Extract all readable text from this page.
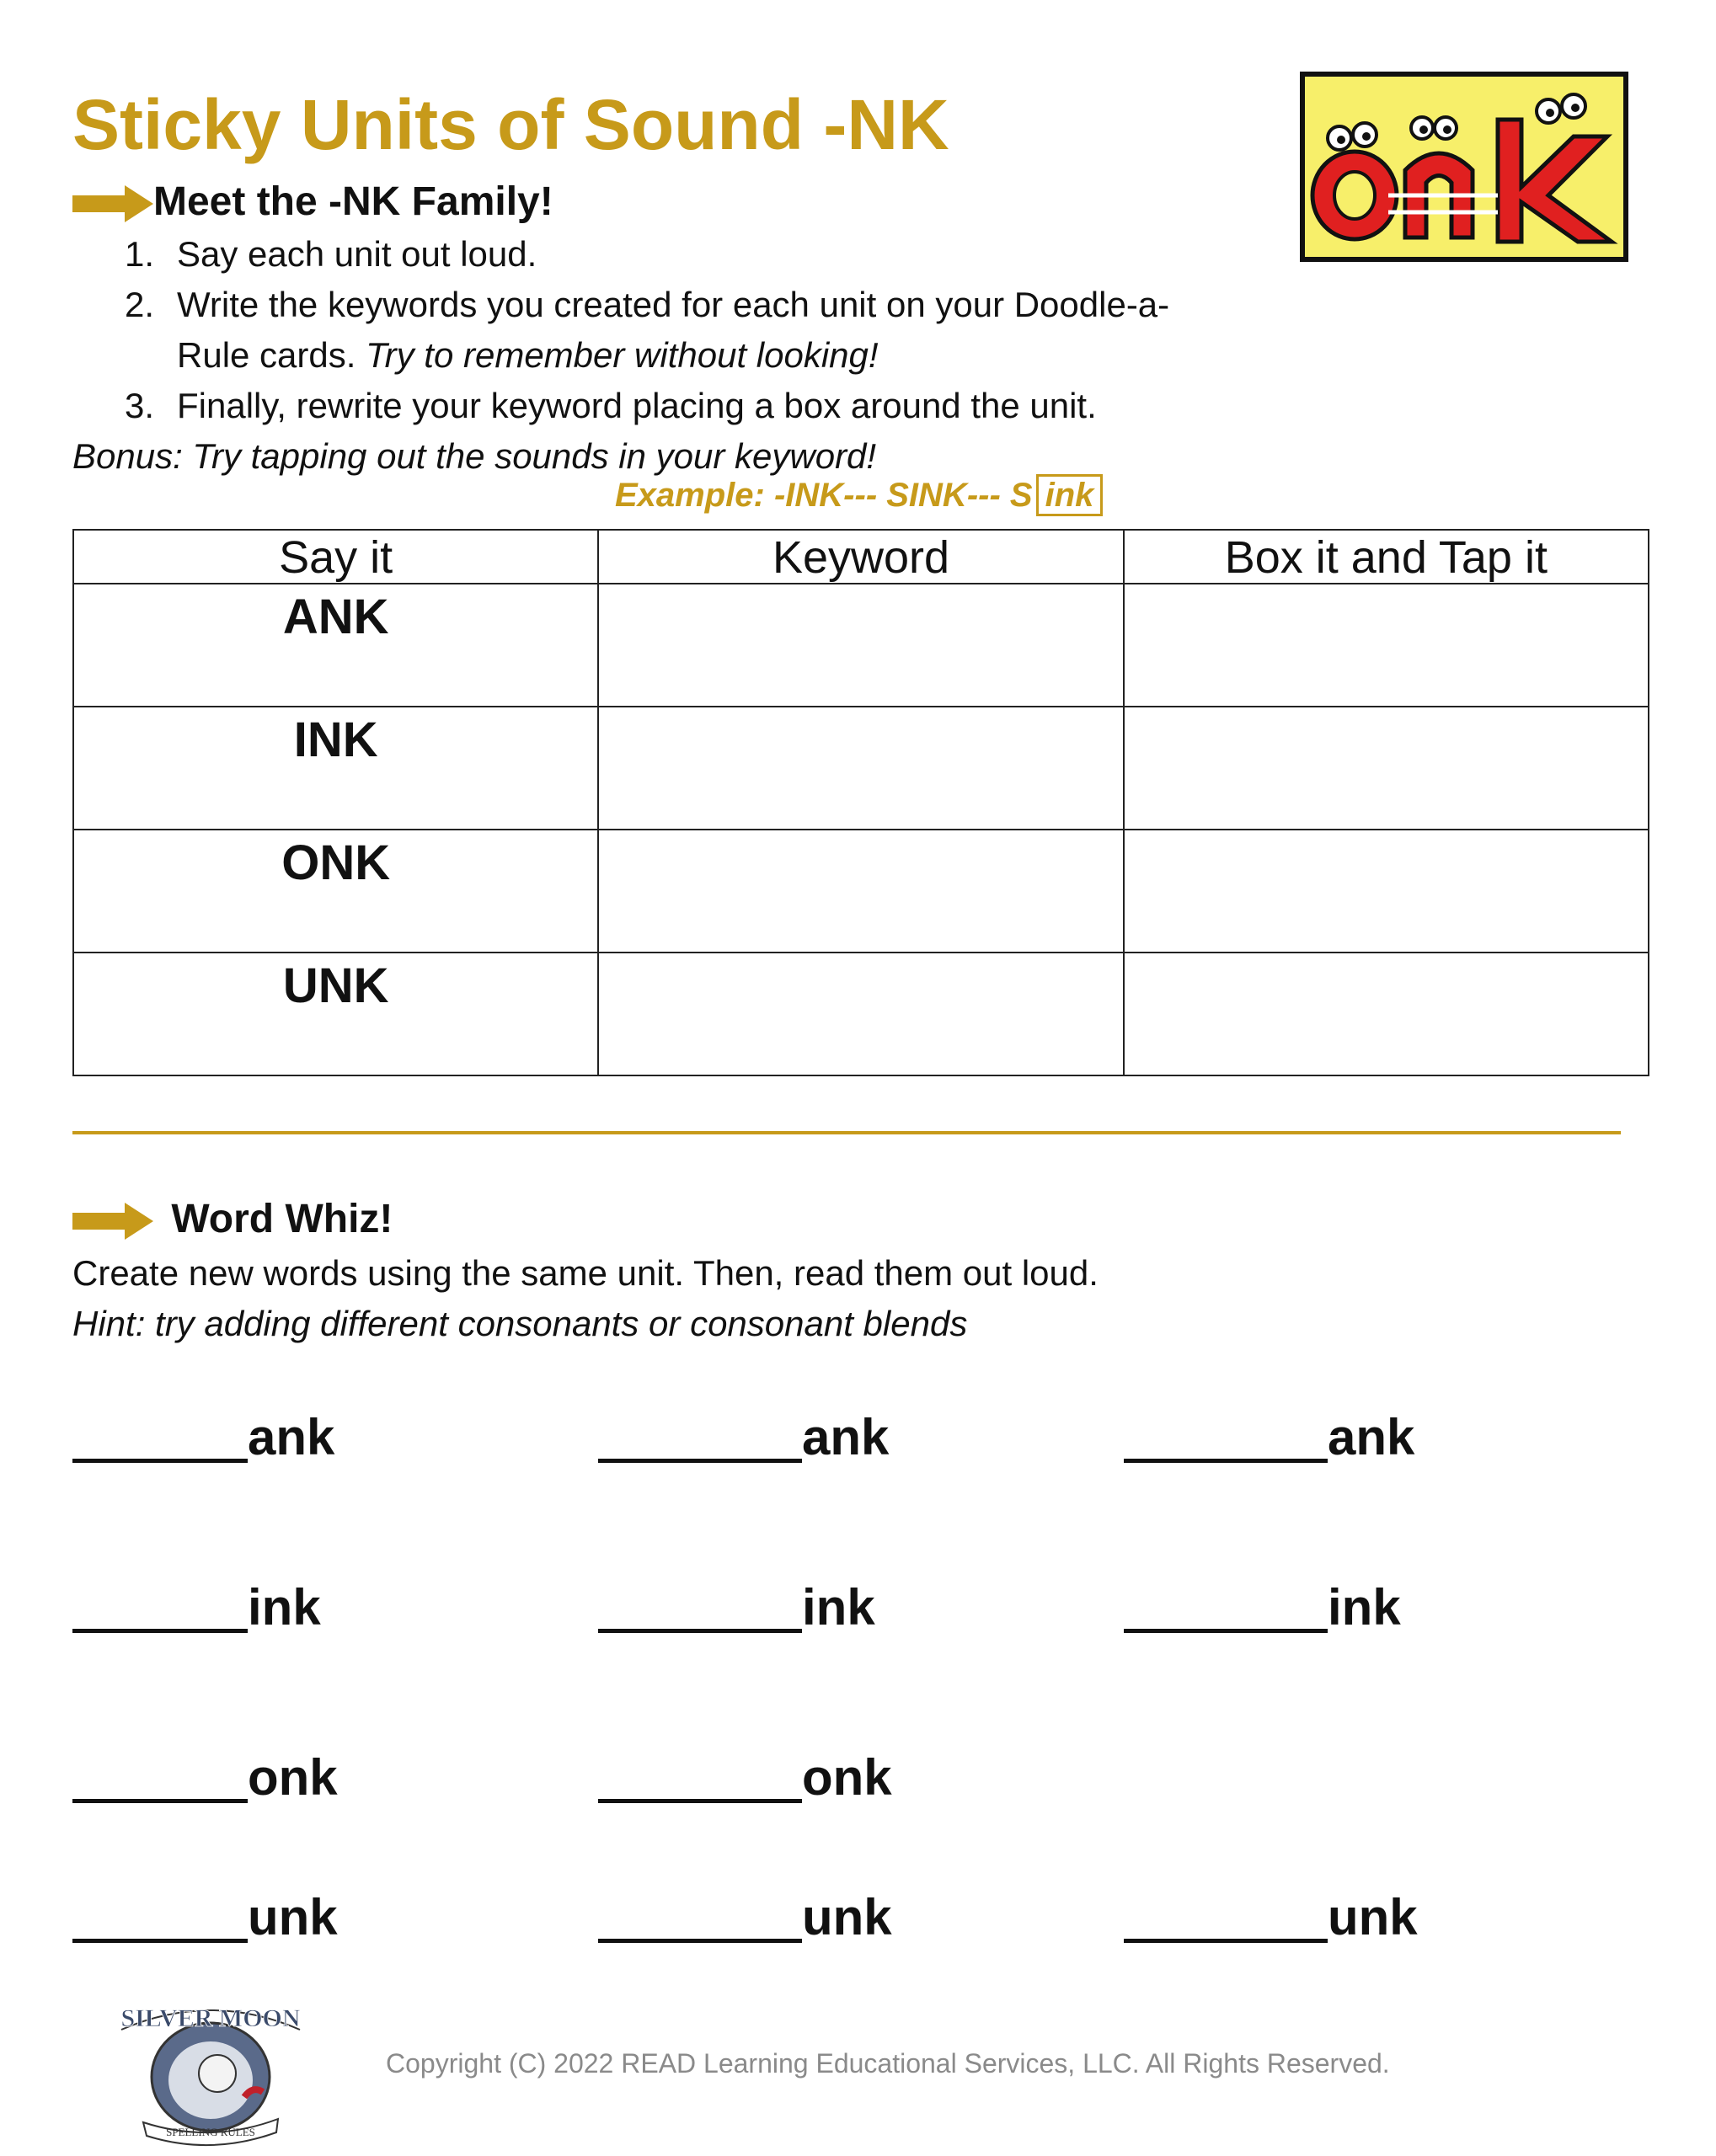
Sticky Units of Sound -NK
Meet the -NK Family!
1. Say each unit out loud.
2. Write the keywords you created for each unit on your Doodle-a-
Rule cards. Try to remember without looking!
3. Finally, rewrite your keyword placing a box around the unit.
Bonus: Try tapping out the sounds in your keyword!
Example: -INK--- SINK--- S ink
Say it	Keyword	Box it and Tap it

ANK		

INK		

ONK		

UNK		

Word Whiz!
Create new words using the same unit. Then, read them out loud.
Hint: try adding different consonants or consonant blends
ank	ank	ank
ink	ink	ink
onk	onk
unk	unk	unk
SILVER MOON
SPELLING RULES
Copyright (C) 2022 READ Learning Educational Services, LLC. All Rights Reserved.
